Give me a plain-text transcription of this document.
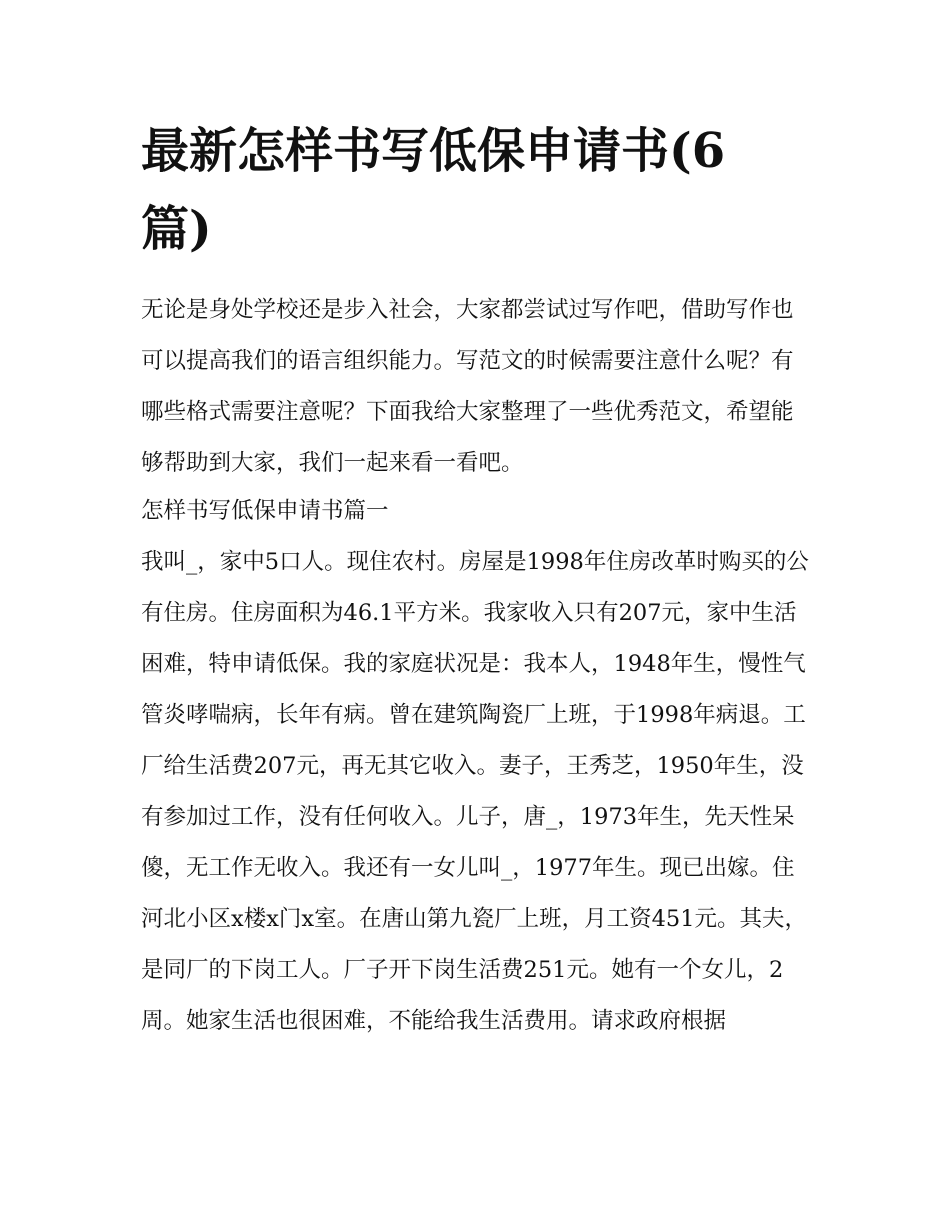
最新怎样书写低保申请书(6篇)

无论是身处学校还是步入社会，大家都尝试过写作吧，借助写作也可以提高我们的语言组织能力。写范文的时候需要注意什么呢？有哪些格式需要注意呢？下面我给大家整理了一些优秀范文，希望能够帮助到大家，我们一起来看一看吧。

怎样书写低保申请书篇一

我叫_，家中5口人。现住农村。房屋是1998年住房改革时购买的公有住房。住房面积为46.1平方米。我家收入只有207元，家中生活困难，特申请低保。我的家庭状况是：我本人，1948年生，慢性气管炎哮喘病，长年有病。曾在建筑陶瓷厂上班，于1998年病退。工厂给生活费207元，再无其它收入。妻子，王秀芝，1950年生，没有参加过工作，没有任何收入。儿子，唐_，1973年生，先天性呆傻，无工作无收入。我还有一女儿叫_，1977年生。现已出嫁。住河北小区x楼x门x室。在唐山第九瓷厂上班，月工资451元。其夫，是同厂的下岗工人。厂子开下岗生活费251元。她有一个女儿，2周。她家生活也很困难，不能给我生活费用。请求政府根据
